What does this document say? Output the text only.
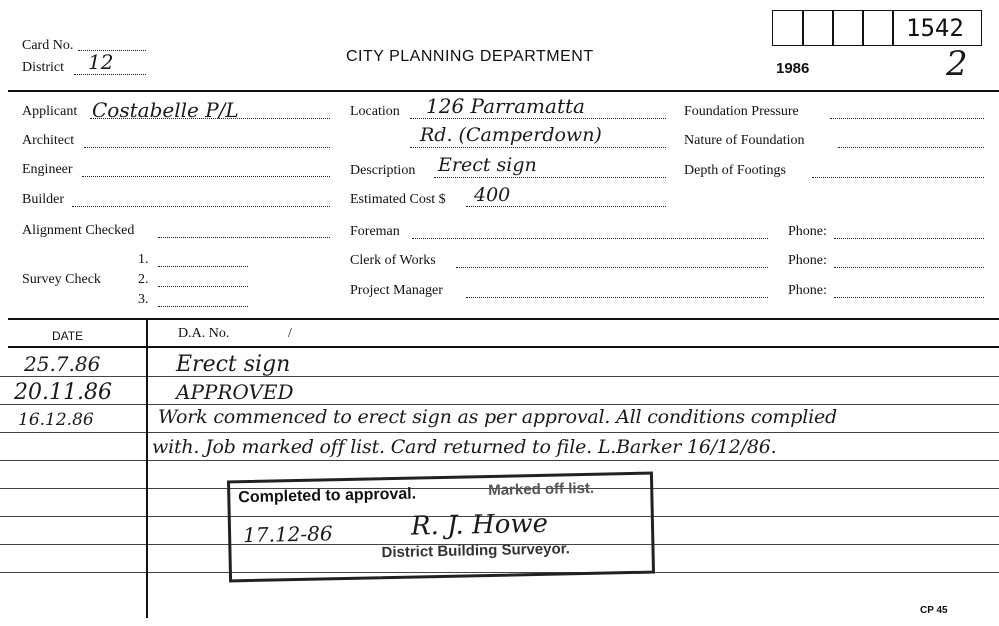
Card No.
District 12	CITY PLANNING DEPARTMENT
1986
1542
2
Applicant Costabelle P/L
Architect
Engineer
Builder
Alignment Checked
Survey Check
1.
2.
3.
Location 126 Parramatta
Rd. (Camperdown)
Description Erect sign
Estimated Cost $ 400
Foreman	Phone:
Clerk of Works	Phone:
Project Manager	Phone:
Foundation Pressure
Nature of Foundation
Depth of Footings
DATE	D.A. No.	/
25.7.86	Erect sign
20.11.86	APPROVED
16.12.86	Work commenced to erect sign as per approval. All conditions complied
with. Job marked off list. Card returned to file. L.Barker 16/12/86.
Completed to approval.	Marked off list.
17.12-86	R. J. Howe
District Building Surveyor.
CP 45
